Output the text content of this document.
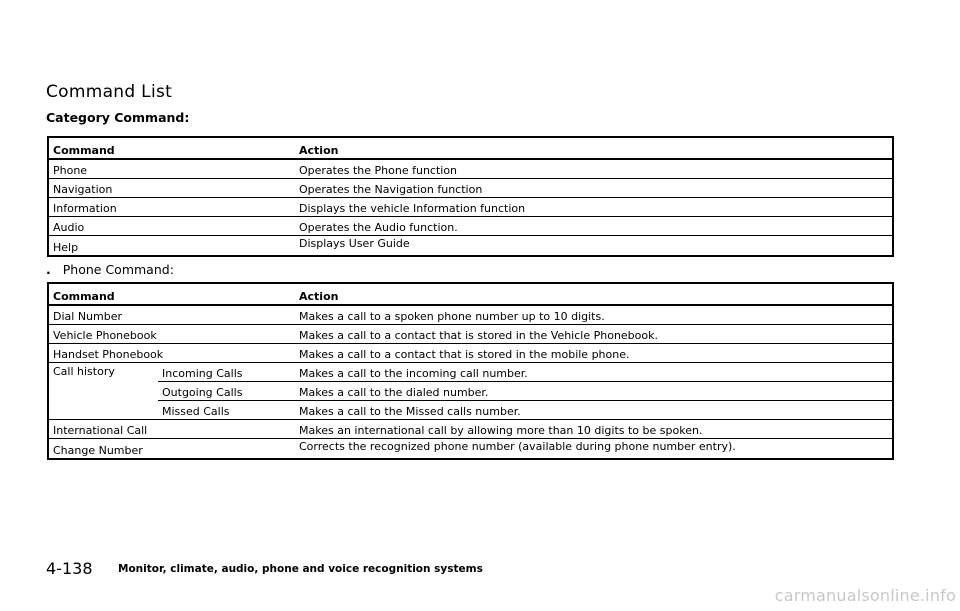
Command List
Category Command:
Command	Action
Phone	Operates the Phone function
Navigation	Operates the Navigation function
Information	Displays the vehicle Information function
Audio	Operates the Audio function.
Help	Displays User Guide
. Phone Command:
Command		Action
Dial Number		Makes a call to a spoken phone number up to 10 digits.
Vehicle Phonebook		Makes a call to a contact that is stored in the Vehicle Phonebook.
Handset Phonebook		Makes a call to a contact that is stored in the mobile phone.
Call history	Incoming Calls	Makes a call to the incoming call number.
	Outgoing Calls	Makes a call to the dialed number.
	Missed Calls	Makes a call to the Missed calls number.
International Call		Makes an international call by allowing more than 10 digits to be spoken.
Change Number		Corrects the recognized phone number (available during phone number entry).
4-138 Monitor, climate, audio, phone and voice recognition systems
carmanualsonline.info
